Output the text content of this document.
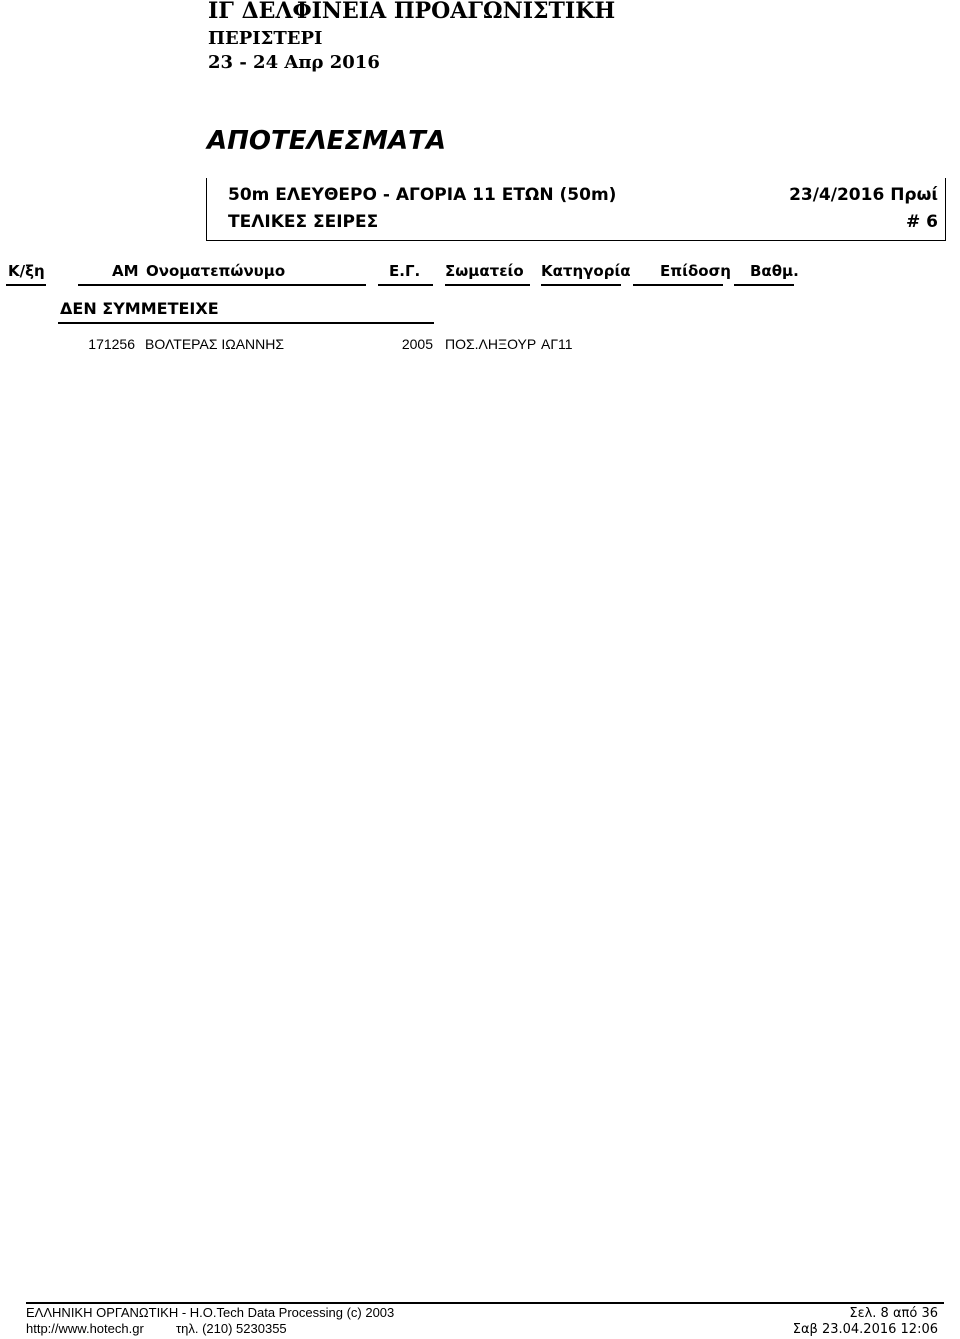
ΙΓ ΔΕΛΦΙΝΕΙΑ ΠΡΟΑΓΩΝΙΣΤΙΚΗ
ΠΕΡΙΣΤΕΡΙ
23 - 24 Απρ 2016
ΑΠΟΤΕΛΕΣΜΑΤΑ
50m ΕΛΕΥΘΕΡΟ - ΑΓΟΡΙΑ 11 ΕΤΩΝ (50m)	23/4/2016 Πρωί
ΤΕΛΙΚΕΣ ΣΕΙΡΕΣ	# 6
Κ/ξη	ΑΜ Ονοματεπώνυμο	Ε.Γ. Σωματείο Κατηγορία Επίδοση Βαθμ.
ΔΕΝ ΣΥΜΜΕΤΕΙΧΕ
171256 ΒΟΛΤΕΡΑΣ ΙΩΑΝΝΗΣ	2005 ΠΟΣ.ΛΗΞΟΥΡ ΑΓ11
ΕΛΛΗΝΙΚΗ ΟΡΓΑΝΩΤΙΚΗ - Η.Ο.Tech Data Processing (c) 2003
http://www.hotech.gr τηλ. (210) 5230355
Σελ. 8 από 36
Σαβ 23.04.2016 12:06
